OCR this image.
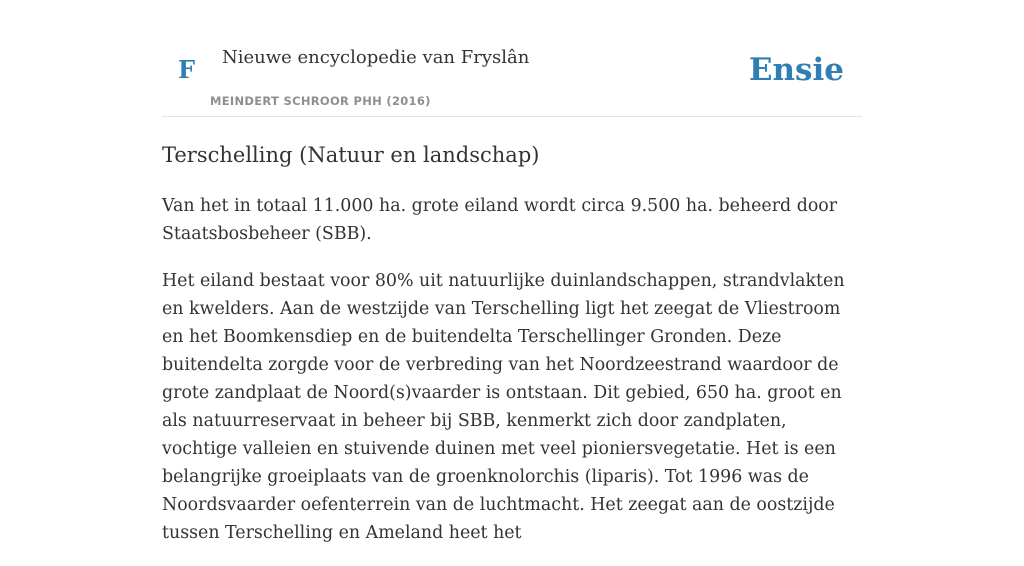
F Nieuwe encyclopedie van Fryslân
MEINDERT SCHROOR PHH (2016)
Ensie
Terschelling (Natuur en landschap)

Van het in totaal 11.000 ha. grote eiland wordt circa 9.500 ha. beheerd door Staatsbosbeheer (SBB).

Het eiland bestaat voor 80% uit natuurlijke duinlandschappen, strandvlakten en kwelders. Aan de westzijde van Terschelling ligt het zeegat de Vliestroom en het Boomkensdiep en de buitendelta Terschellinger Gronden. Deze buitendelta zorgde voor de verbreding van het Noordzeestrand waardoor de grote zandplaat de Noord(s)vaarder is ontstaan. Dit gebied, 650 ha. groot en als natuurreservaat in beheer bij SBB, kenmerkt zich door zandplaten, vochtige valleien en stuivende duinen met veel pioniersvegetatie. Het is een belangrijke groeiplaats van de groenknolorchis (liparis). Tot 1996 was de Noordsvaarder oefenterrein van de luchtmacht. Het zeegat aan de oostzijde tussen Terschelling en Ameland heet het
